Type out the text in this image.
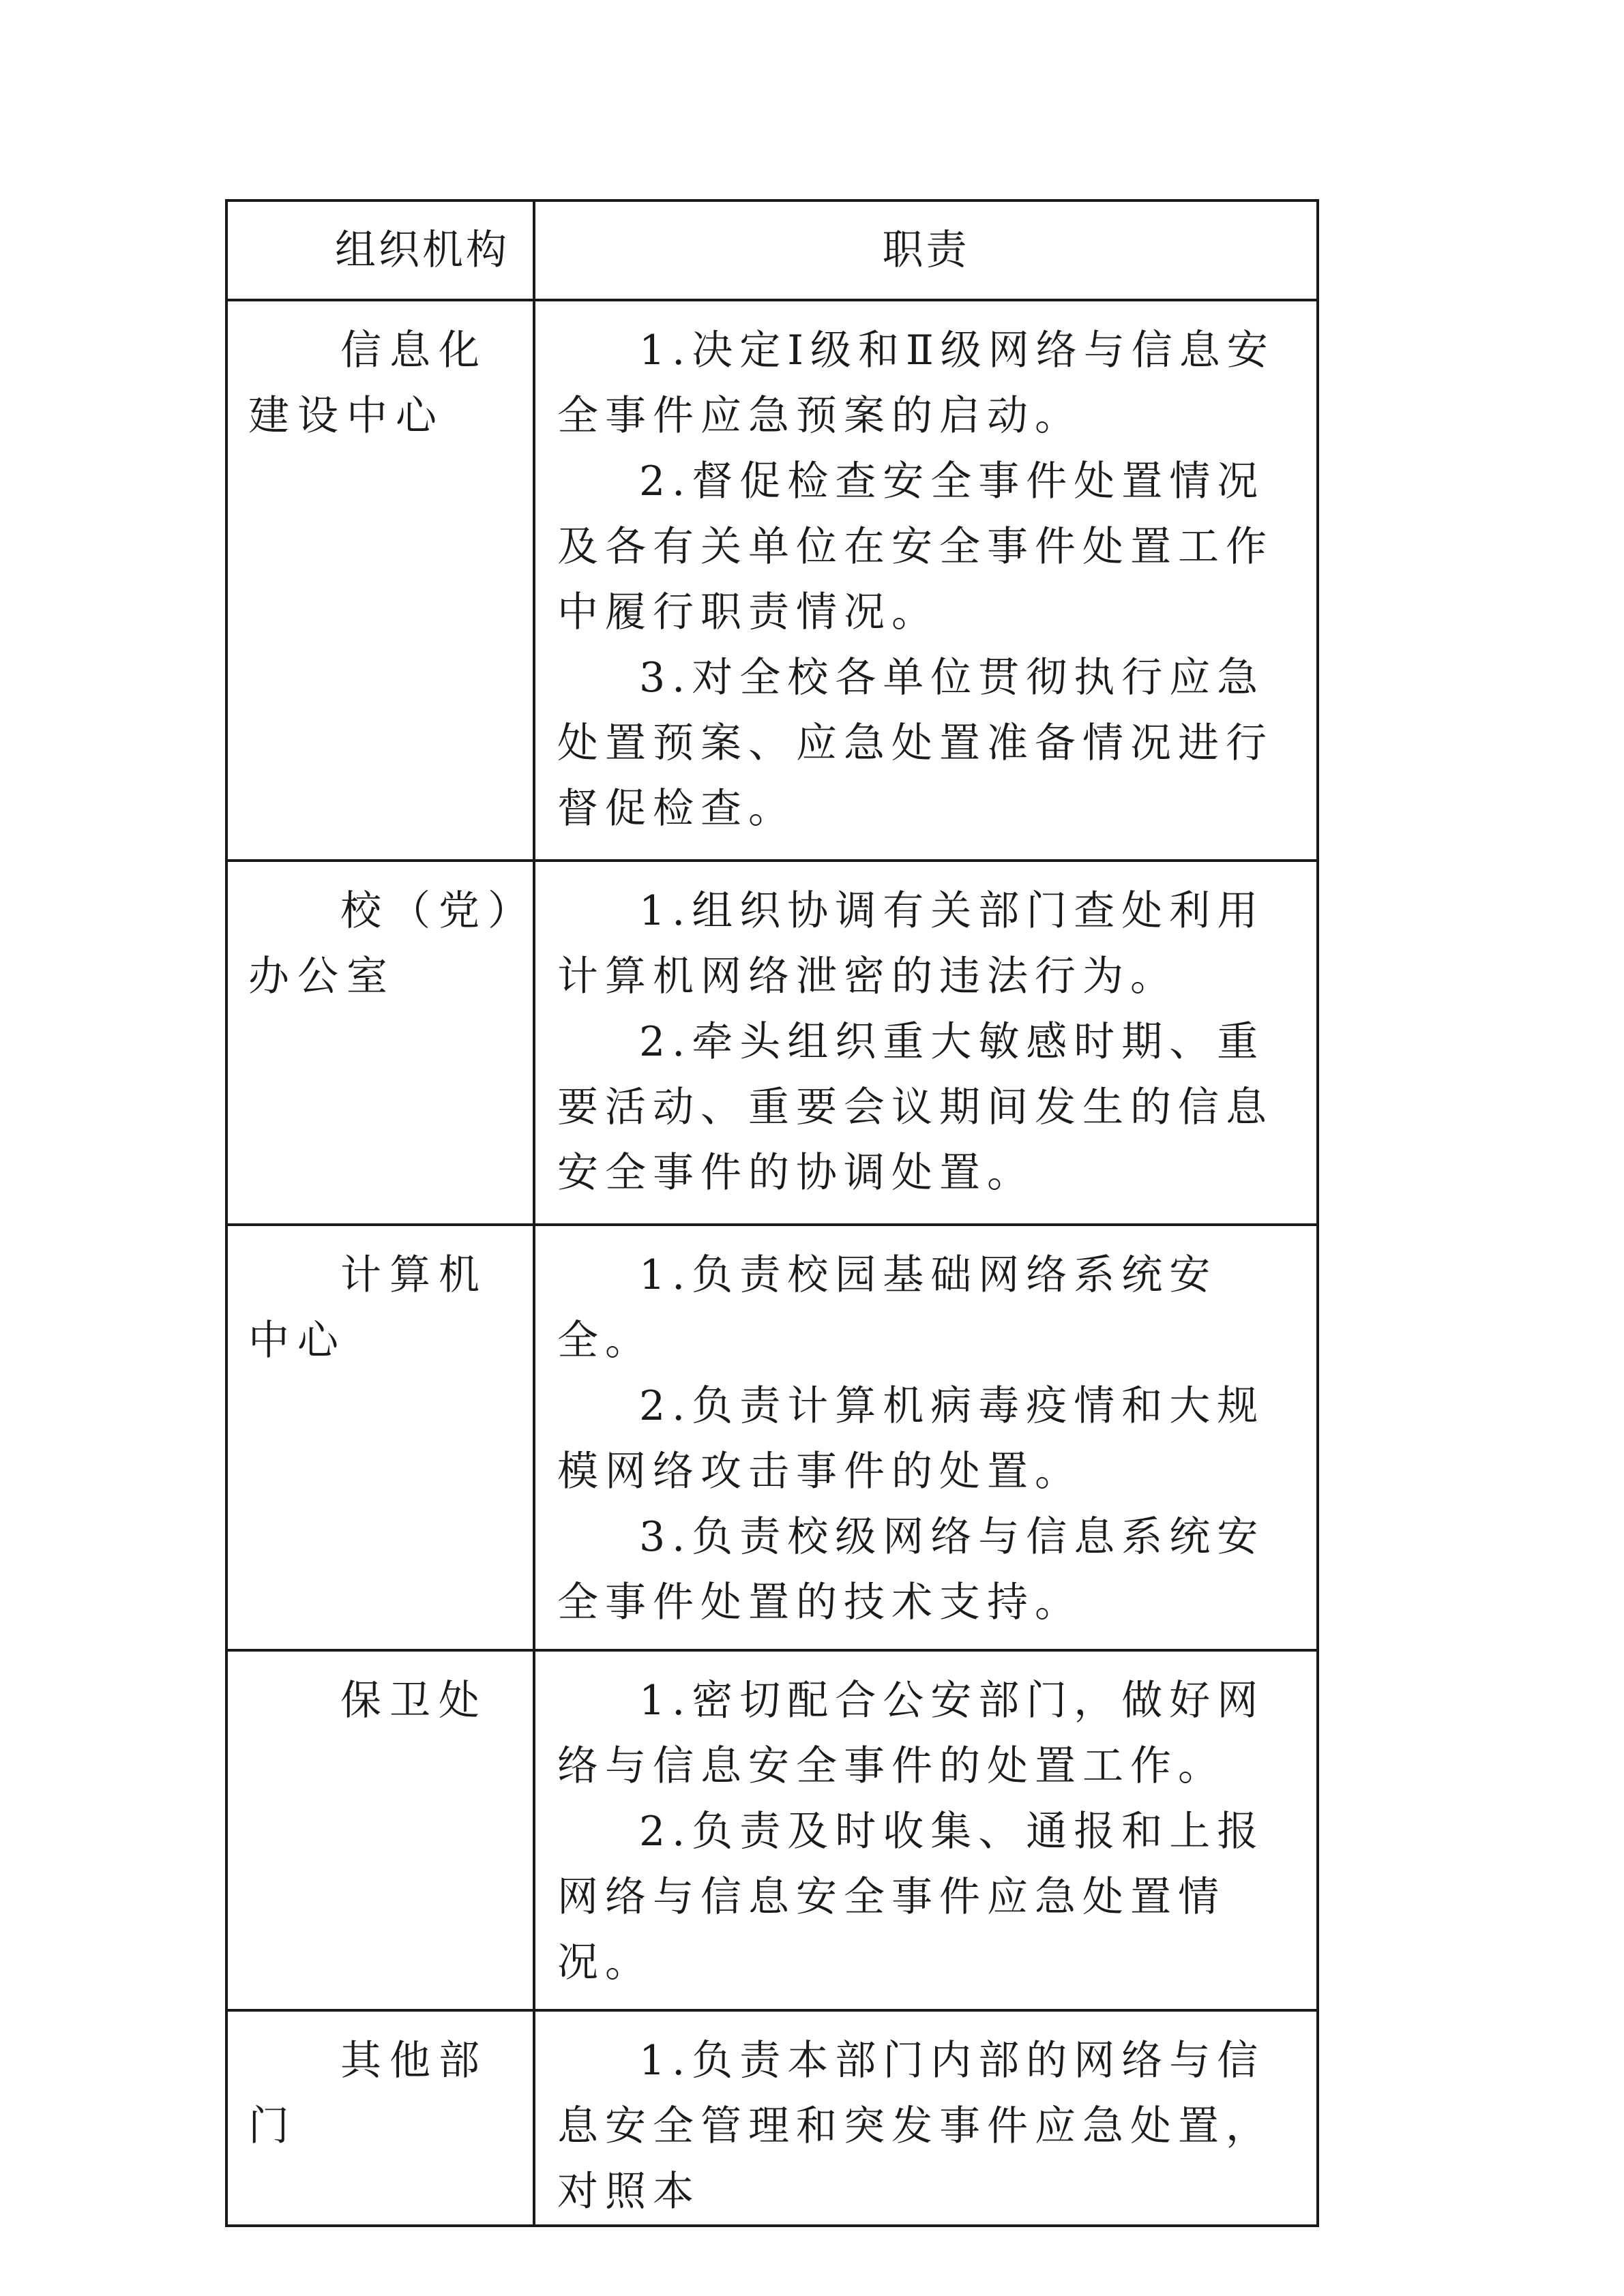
组织机构	职责
信息化建设中心	1.决定Ⅰ级和Ⅱ级网络与信息安全事件应急预案的启动。

2.督促检查安全事件处置情况及各有关单位在安全事件处置工作中履行职责情况。

3.对全校各单位贯彻执行应急处置预案、应急处置准备情况进行督促检查。

校（党）办公室	1.组织协调有关部门查处利用计算机网络泄密的违法行为。

2.牵头组织重大敏感时期、重要活动、重要会议期间发生的信息安全事件的协调处置。

计算机中心	1.负责校园基础网络系统安全。

2.负责计算机病毒疫情和大规模网络攻击事件的处置。

3.负责校级网络与信息系统安全事件处置的技术支持。

保卫处	1.密切配合公安部门，做好网络与信息安全事件的处置工作。

2.负责及时收集、通报和上报网络与信息安全事件应急处置情况。

其他部门	1.负责本部门内部的网络与信息安全管理和突发事件应急处置，对照本
